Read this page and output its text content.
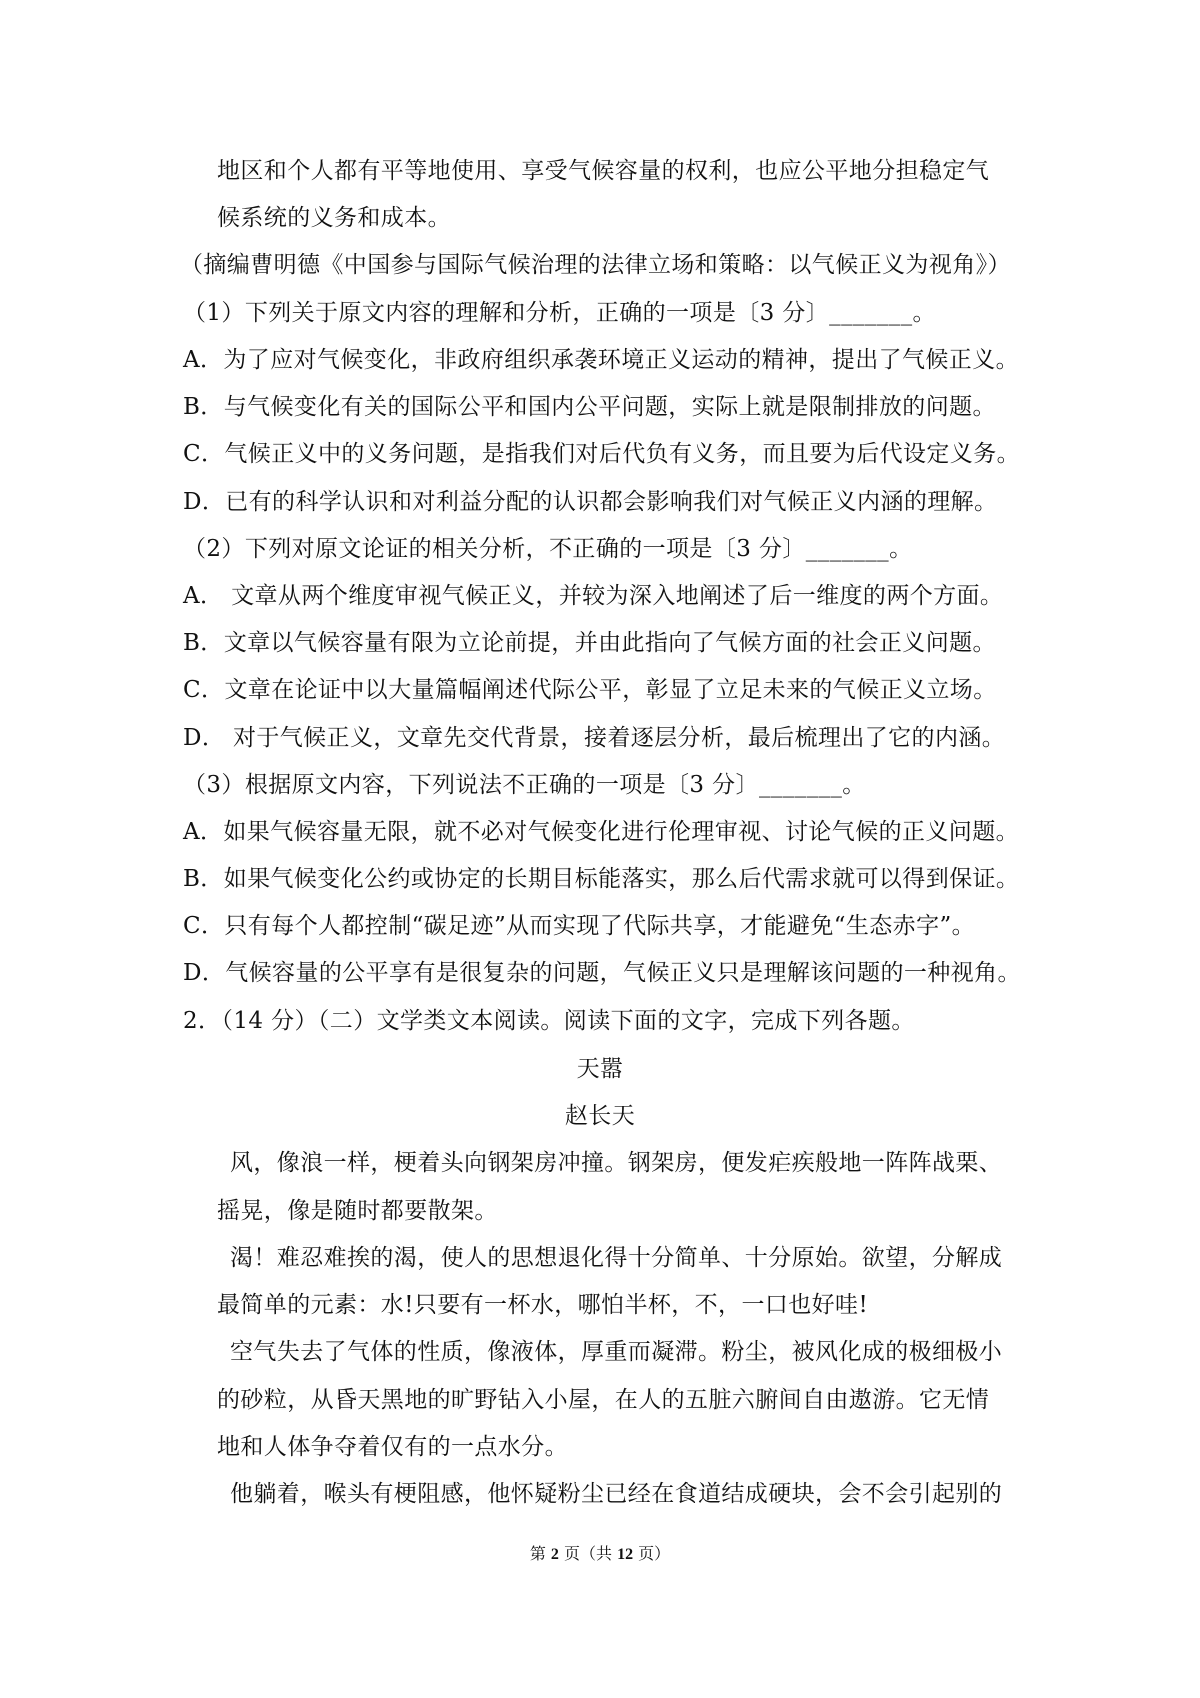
地区和个人都有平等地使用、享受气候容量的权利，也应公平地分担稳定气

候系统的义务和成本。

（摘编曹明德《中国参与国际气候治理的法律立场和策略：以气候正义为视角》）

（1）下列关于原文内容的理解和分析，正确的一项是〔3 分〕_______。

A．为了应对气候变化，非政府组织承袭环境正义运动的精神，提出了气候正义。

B．与气候变化有关的国际公平和国内公平问题，实际上就是限制排放的问题。

C．气候正义中的义务问题，是指我们对后代负有义务，而且要为后代设定义务。

D．已有的科学认识和对利益分配的认识都会影响我们对气候正义内涵的理解。

（2）下列对原文论证的相关分析，不正确的一项是〔3 分〕_______。

A． 文章从两个维度审视气候正义，并较为深入地阐述了后一维度的两个方面。

B．文章以气候容量有限为立论前提，并由此指向了气候方面的社会正义问题。

C．文章在论证中以大量篇幅阐述代际公平，彰显了立足未来的气候正义立场。

D． 对于气候正义，文章先交代背景，接着逐层分析，最后梳理出了它的内涵。

（3）根据原文内容，下列说法不正确的一项是〔3 分〕_______。

A．如果气候容量无限，就不必对气候变化进行伦理审视、讨论气候的正义问题。

B．如果气候变化公约或协定的长期目标能落实，那么后代需求就可以得到保证。

C．只有每个人都控制“碳足迹”从而实现了代际共享，才能避免“生态赤字”。

D．气候容量的公平享有是很复杂的问题，气候正义只是理解该问题的一种视角。

2．（14 分）（二）文学类文本阅读。阅读下面的文字，完成下列各题。

天嚣

赵长天

风，像浪一样，梗着头向钢架房冲撞。钢架房，便发疟疾般地一阵阵战栗、

摇晃，像是随时都要散架。

渴！难忍难挨的渴，使人的思想退化得十分简单、十分原始。欲望，分解成

最简单的元素：水!只要有一杯水，哪怕半杯，不，一口也好哇!

空气失去了气体的性质，像液体，厚重而凝滞。粉尘，被风化成的极细极小

的砂粒，从昏天黑地的旷野钻入小屋，在人的五脏六腑间自由遨游。它无情

地和人体争夺着仅有的一点水分。

他躺着，喉头有梗阻感，他怀疑粉尘已经在食道结成硬块，会不会引起别的

第 2 页（共 12 页）
